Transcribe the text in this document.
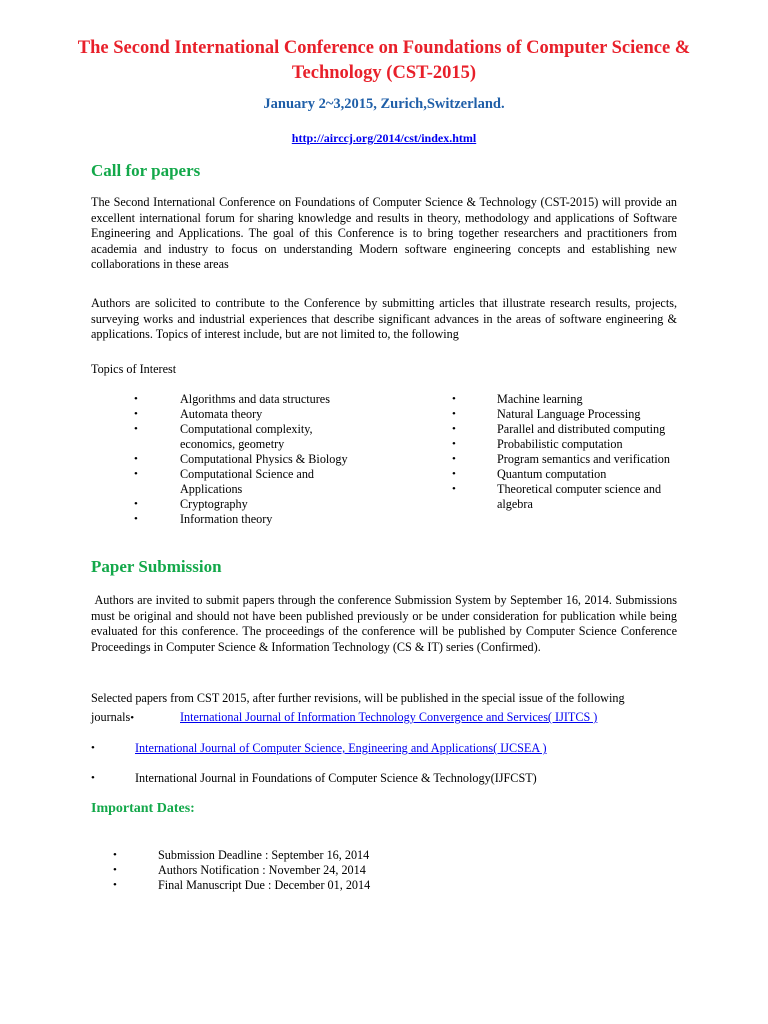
The Second International Conference on Foundations of Computer Science &
Technology (CST-2015)
January 2~3,2015, Zurich,Switzerland.
http://airccj.org/2014/cst/index.html
Call for papers
The Second International Conference on Foundations of Computer Science & Technology (CST-2015) will provide an excellent international forum for sharing knowledge and results in theory, methodology and applications of Software Engineering and Applications. The goal of this Conference is to bring together researchers and practitioners from academia and industry to focus on understanding Modern software engineering concepts and establishing new collaborations in these areas
Authors are solicited to contribute to the Conference by submitting articles that illustrate research results, projects, surveying works and industrial experiences that describe significant advances in the areas of software engineering & applications. Topics of interest include, but are not limited to, the following
Topics of Interest
•	Algorithms and data structures
•	Automata theory
•	Computational complexity,
economics, geometry
•	Computational Physics & Biology
•	Computational Science and
Applications
•	Cryptography
•	Information theory
•	Machine learning
•	Natural Language Processing
•	Parallel and distributed computing
•	Probabilistic computation
•	Program semantics and verification
•	Quantum computation
•	Theoretical computer science and
algebra
Paper Submission
Authors are invited to submit papers through the conference Submission System by September 16, 2014. Submissions must be original and should not have been published previously or be under consideration for publication while being evaluated for this conference. The proceedings of the conference will be published by Computer Science Conference Proceedings in Computer Science & Information Technology (CS & IT) series (Confirmed).
Selected papers from CST 2015, after further revisions, will be published in the special issue of the following
journals•	International Journal of Information Technology Convergence and Services( IJITCS )
•	International Journal of Computer Science, Engineering and Applications( IJCSEA )
•	International Journal in Foundations of Computer Science & Technology(IJFCST)
Important Dates:
•	Submission Deadline : September 16, 2014
•	Authors Notification : November 24, 2014
•	Final Manuscript Due : December 01, 2014
